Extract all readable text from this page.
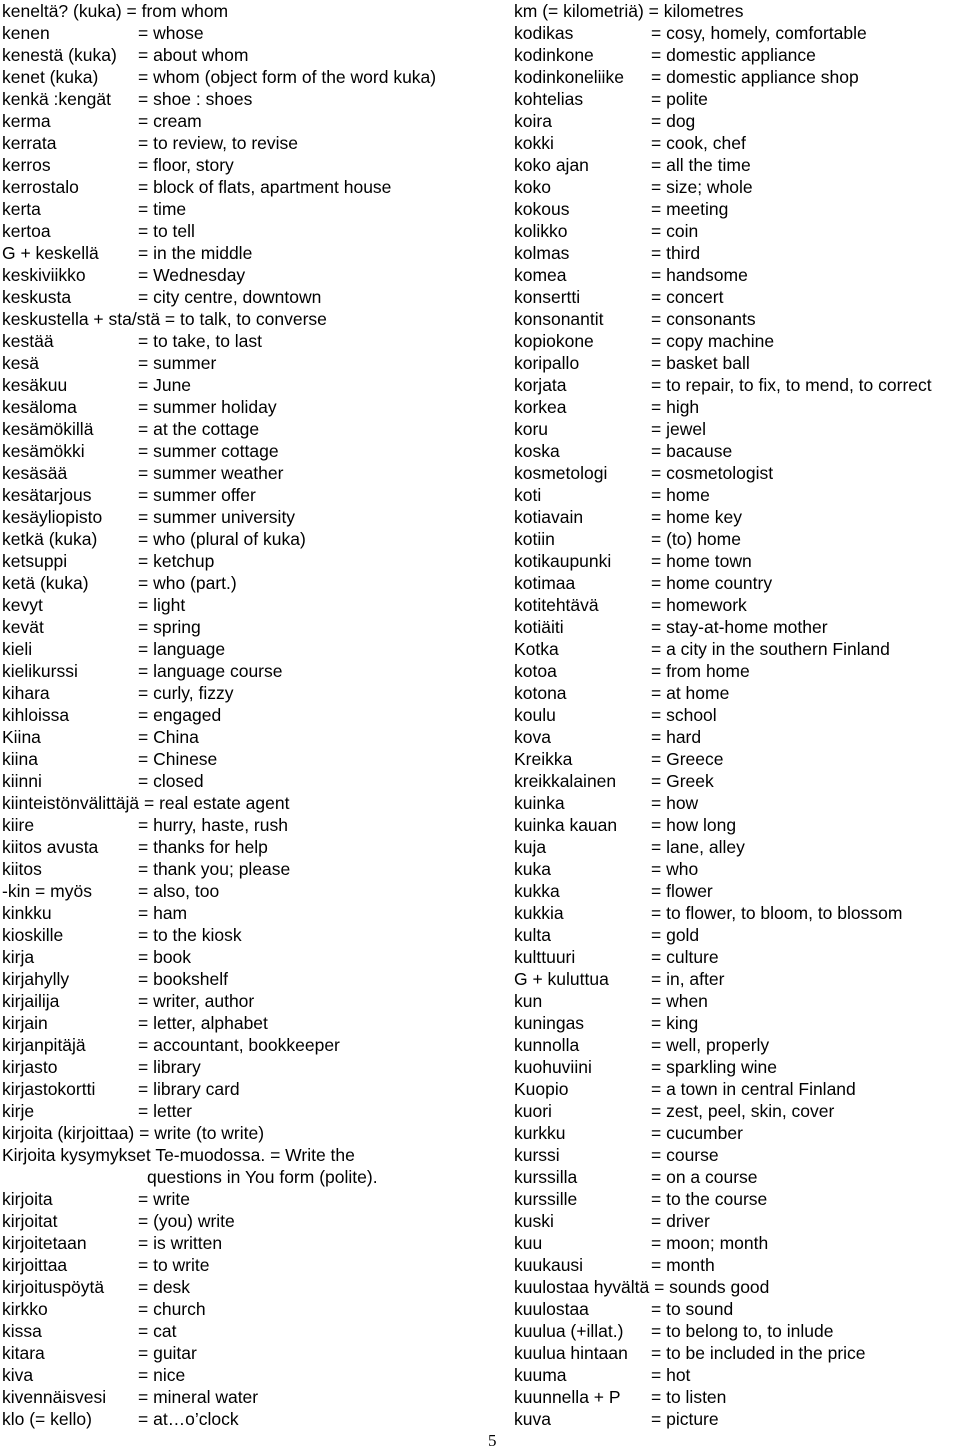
keneltä? (kuka) = from whom
kenen	= whose
kenestä (kuka) = about whom
kenet (kuka) = whom (object form of the word kuka)
kenkä :kengät = shoe : shoes
kerma	= cream
kerrata	= to review, to revise
kerros	= floor, story
kerrostalo	= block of flats, apartment house
kerta	= time
kertoa	= to tell
G + keskellä = in the middle
keskiviikko	= Wednesday
keskusta	= city centre, downtown
keskustella + sta/stä = to talk, to converse
kestää	= to take, to last
kesä	= summer
kesäkuu	= June
kesäloma	= summer holiday
kesämökillä	= at the cottage
kesämökki	= summer cottage
kesäsää	= summer weather
kesätarjous	= summer offer
kesäyliopisto = summer university
ketkä (kuka) = who (plural of kuka)
ketsuppi	= ketchup
ketä (kuka)	= who (part.)
kevyt	= light
kevät	= spring
kieli	= language
kielikurssi	= language course
kihara	= curly, fizzy
kihloissa	= engaged
Kiina	= China
kiina	= Chinese
kiinni	= closed
kiinteistönvälittäjä = real estate agent
kiire	= hurry, haste, rush
kiitos avusta = thanks for help
kiitos	= thank you; please
-kin = myös	= also, too
kinkku	= ham
kioskille	= to the kiosk
kirja	= book
kirjahylly	= bookshelf
kirjailija	= writer, author
kirjain	= letter, alphabet
kirjanpitäjä	= accountant, bookkeeper
kirjasto	= library
kirjastokortti = library card
kirje	= letter
kirjoita (kirjoittaa) = write (to write)
Kirjoita kysymykset Te-muodossa. = Write the
questions in You form (polite).
kirjoita	= write
kirjoitat	= (you) write
kirjoitetaan	= is written
kirjoittaa	= to write
kirjoituspöytä = desk
kirkko	= church
kissa	= cat
kitara	= guitar
kiva	= nice
kivennäisvesi = mineral water
klo (= kello)	= at…o’clock
km (= kilometriä) = kilometres
kodikas	= cosy, homely, comfortable
kodinkone	= domestic appliance
kodinkoneliike = domestic appliance shop
kohtelias	= polite
koira	= dog
kokki	= cook, chef
koko ajan	= all the time
koko	= size; whole
kokous	= meeting
kolikko	= coin
kolmas	= third
komea	= handsome
konsertti	= concert
konsonantit	= consonants
kopiokone	= copy machine
koripallo	= basket ball
korjata	= to repair, to fix, to mend, to correct
korkea	= high
koru	= jewel
koska	= bacause
kosmetologi = cosmetologist
koti	= home
kotiavain	= home key
kotiin	= (to) home
kotikaupunki = home town
kotimaa	= home country
kotitehtävä	= homework
kotiäiti	= stay-at-home mother
Kotka	= a city in the southern Finland
kotoa	= from home
kotona	= at home
koulu	= school
kova	= hard
Kreikka	= Greece
kreikkalainen = Greek
kuinka	= how
kuinka kauan = how long
kuja	= lane, alley
kuka	= who
kukka	= flower
kukkia	= to flower, to bloom, to blossom
kulta	= gold
kulttuuri	= culture
G + kuluttua = in, after
kun	= when
kuningas	= king
kunnolla	= well, properly
kuohuviini	= sparkling wine
Kuopio	= a town in central Finland
kuori	= zest, peel, skin, cover
kurkku	= cucumber
kurssi	= course
kurssilla	= on a course
kurssille	= to the course
kuski	= driver
kuu	= moon; month
kuukausi	= month
kuulostaa hyvältä = sounds good
kuulostaa	= to sound
kuulua (+illat.) = to belong to, to inlude
kuulua hintaan = to be included in the price
kuuma	= hot
kuunnella + P = to listen
kuva	= picture
5
